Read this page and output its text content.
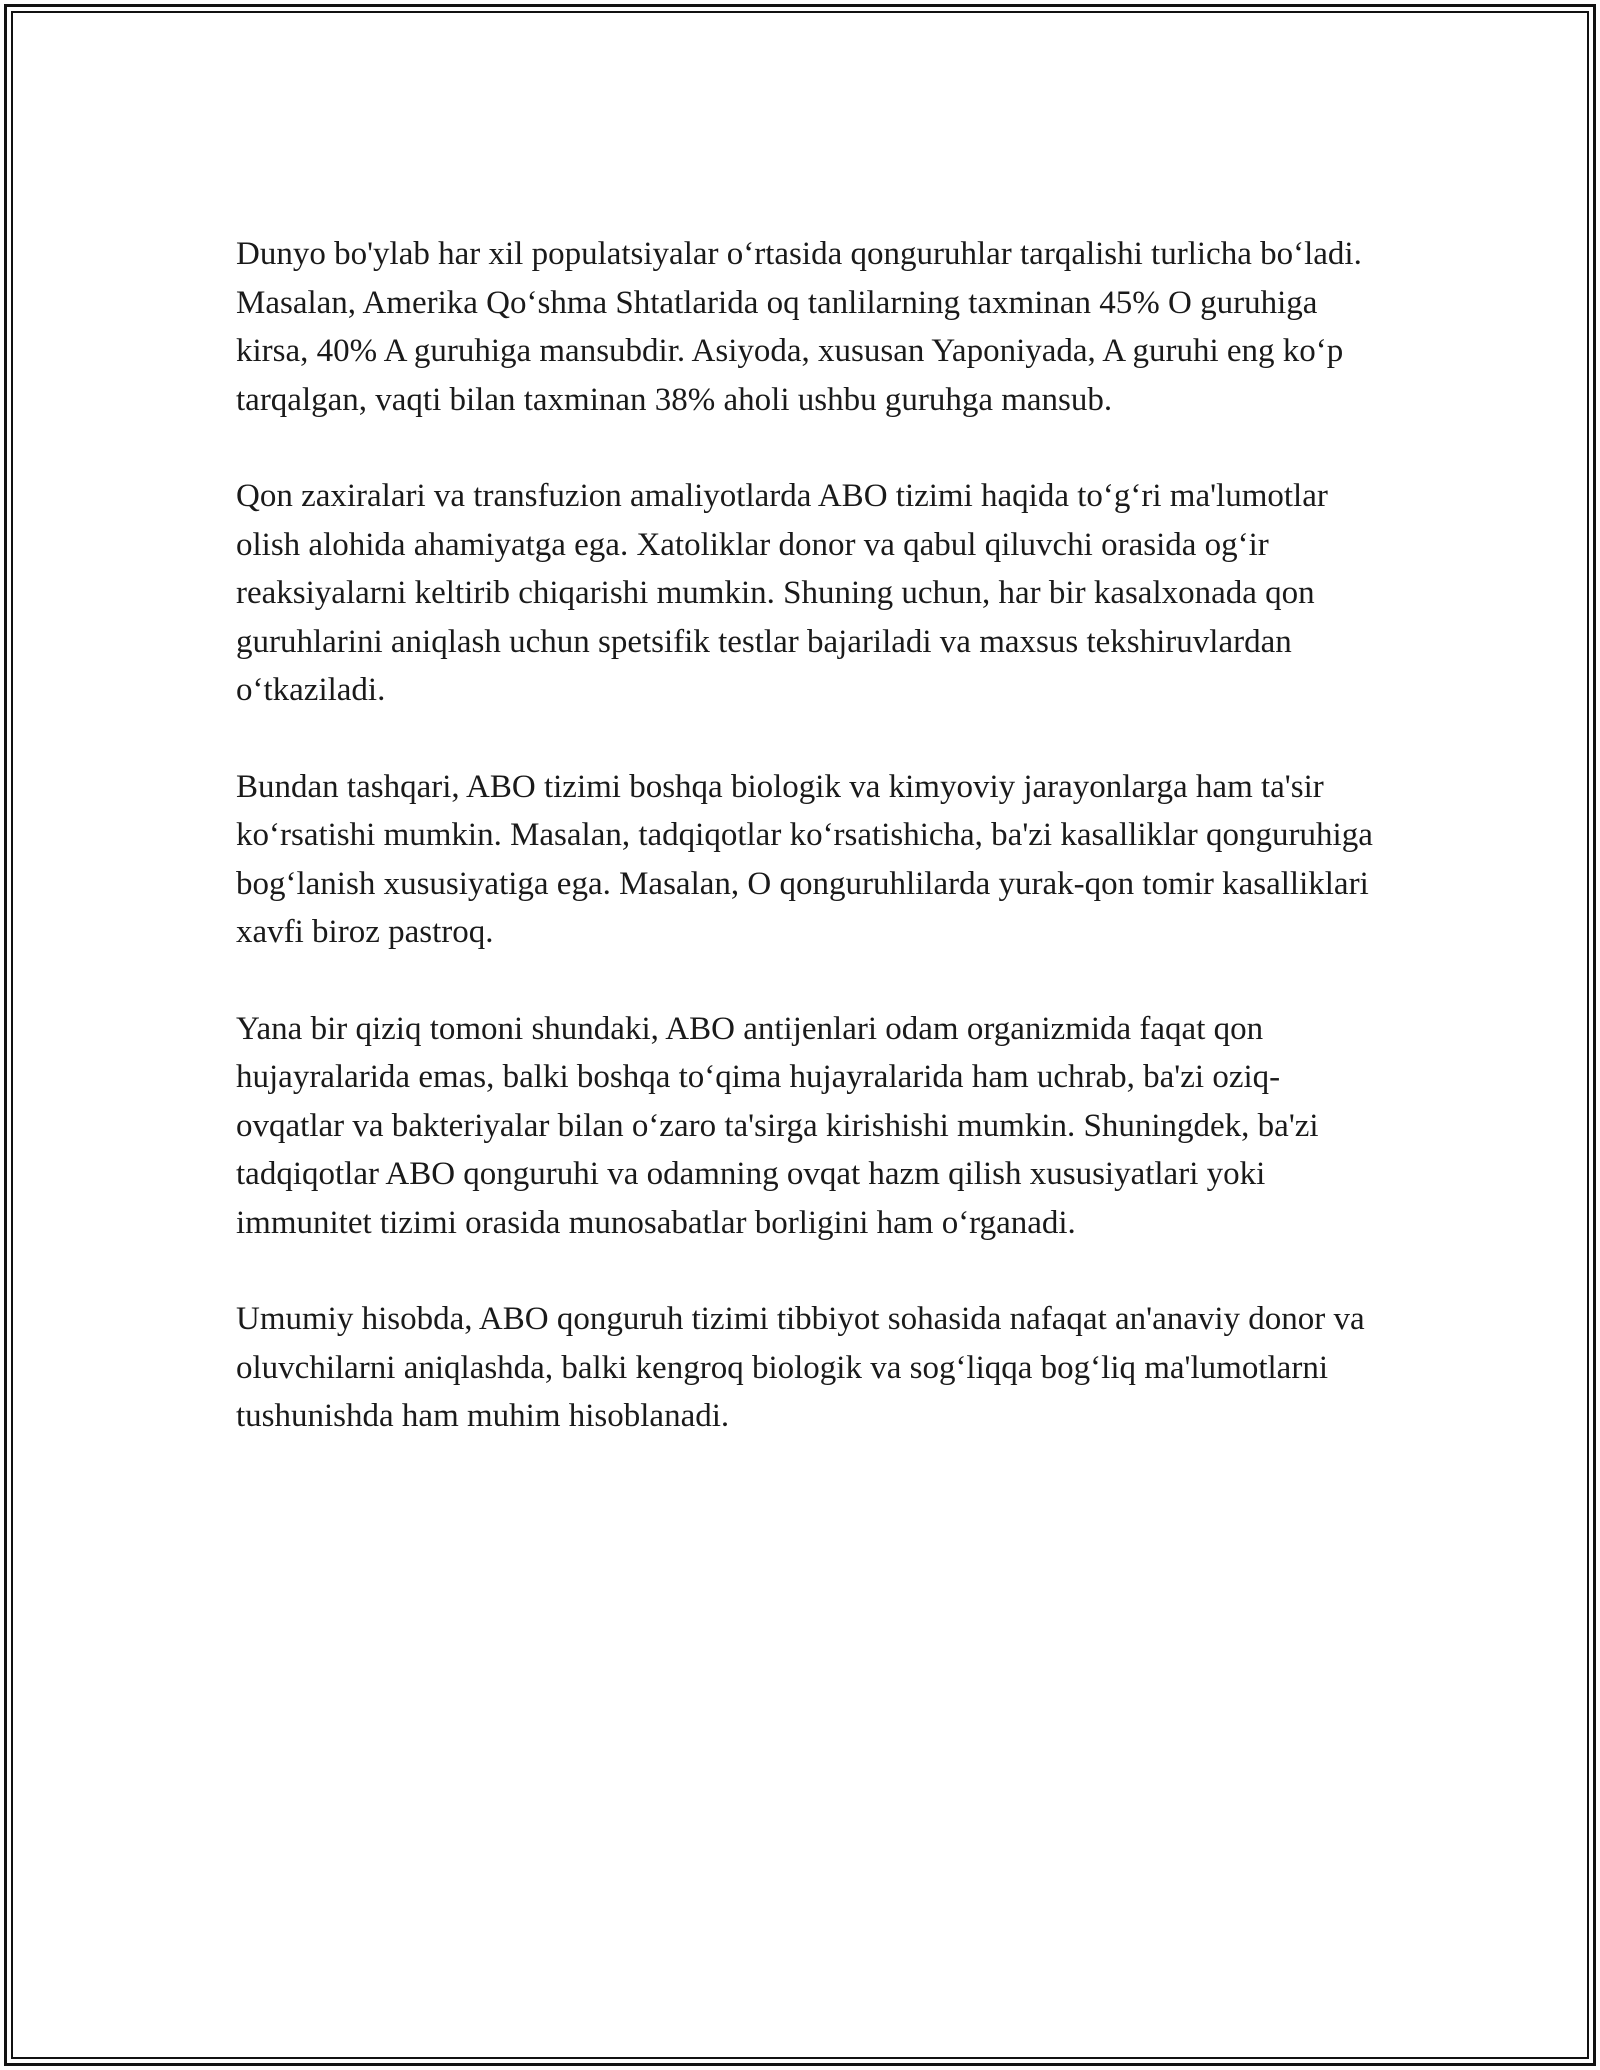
Dunyo bo'ylab har xil populatsiyalar o‘rtasida qonguruhlar tarqalishi turlicha bo‘ladi. Masalan, Amerika Qo‘shma Shtatlarida oq tanlilarning taxminan 45% O guruhiga kirsa, 40% A guruhiga mansubdir. Asiyoda, xususan Yaponiyada, A guruhi eng ko‘p tarqalgan, vaqti bilan taxminan 38% aholi ushbu guruhga mansub.

Qon zaxiralari va transfuzion amaliyotlarda ABO tizimi haqida to‘g‘ri ma'lumotlar olish alohida ahamiyatga ega. Xatoliklar donor va qabul qiluvchi orasida og‘ir reaksiyalarni keltirib chiqarishi mumkin. Shuning uchun, har bir kasalxonada qon guruhlarini aniqlash uchun spetsifik testlar bajariladi va maxsus tekshiruvlardan o‘tkaziladi.

Bundan tashqari, ABO tizimi boshqa biologik va kimyoviy jarayonlarga ham ta'sir ko‘rsatishi mumkin. Masalan, tadqiqotlar ko‘rsatishicha, ba'zi kasalliklar qonguruhiga bog‘lanish xususiyatiga ega. Masalan, O qonguruhlilarda yurak-qon tomir kasalliklari xavfi biroz pastroq.

Yana bir qiziq tomoni shundaki, ABO antijenlari odam organizmida faqat qon hujayralarida emas, balki boshqa to‘qima hujayralarida ham uchrab, ba'zi oziq-ovqatlar va bakteriyalar bilan o‘zaro ta'sirga kirishishi mumkin. Shuningdek, ba'zi tadqiqotlar ABO qonguruhi va odamning ovqat hazm qilish xususiyatlari yoki immunitet tizimi orasida munosabatlar borligini ham o‘rganadi.

Umumiy hisobda, ABO qonguruh tizimi tibbiyot sohasida nafaqat an'anaviy donor va oluvchilarni aniqlashda, balki kengroq biologik va sog‘liqqa bog‘liq ma'lumotlarni tushunishda ham muhim hisoblanadi.
